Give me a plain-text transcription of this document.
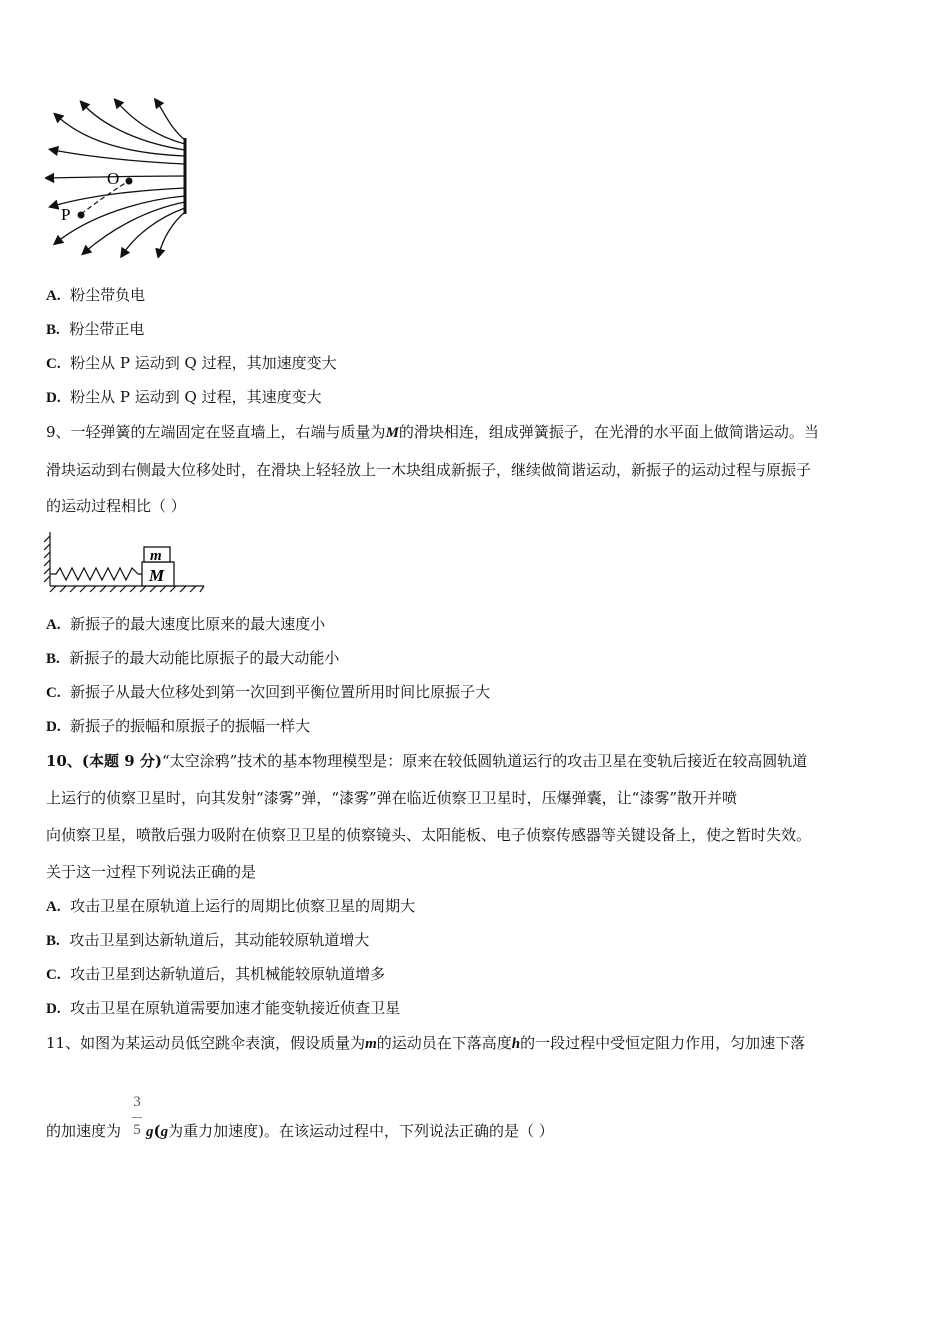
O
P
A. 粉尘带负电
B. 粉尘带正电
C. 粉尘从 P 运动到 Q 过程，其加速度变大
D. 粉尘从 P 运动到 Q 过程，其速度变大
9、一轻弹簧的左端固定在竖直墙上，右端与质量为M的滑块相连，组成弹簧振子，在光滑的水平面上做简谐运动。当
滑块运动到右侧最大位移处时，在滑块上轻轻放上一木块组成新振子，继续做简谐运动，新振子的运动过程与原振子
的运动过程相比（ ）
m
M
A. 新振子的最大速度比原来的最大速度小
B. 新振子的最大动能比原振子的最大动能小
C. 新振子从最大位移处到第一次回到平衡位置所用时间比原振子大
D. 新振子的振幅和原振子的振幅一样大
10、(本题 9 分)“太空涂鸦”技术的基本物理模型是：原来在较低圆轨道运行的攻击卫星在变轨后接近在较高圆轨道
上运行的侦察卫星时，向其发射“漆雾”弹，“漆雾”弹在临近侦察卫卫星时，压爆弹囊，让“漆雾”散开并喷
向侦察卫星，喷散后强力吸附在侦察卫卫星的侦察镜头、太阳能板、电子侦察传感器等关键设备上，使之暂时失效。
关于这一过程下列说法正确的是
A. 攻击卫星在原轨道上运行的周期比侦察卫星的周期大
B. 攻击卫星到达新轨道后，其动能较原轨道增大
C. 攻击卫星到达新轨道后，其机械能较原轨道增多
D. 攻击卫星在原轨道需要加速才能变轨接近侦查卫星
11、如图为某运动员低空跳伞表演，假设质量为m的运动员在下落高度h的一段过程中受恒定阻力作用，匀加速下落
3
5
的加速度为 g(g为重力加速度)。在该运动过程中，下列说法正确的是（ ）
